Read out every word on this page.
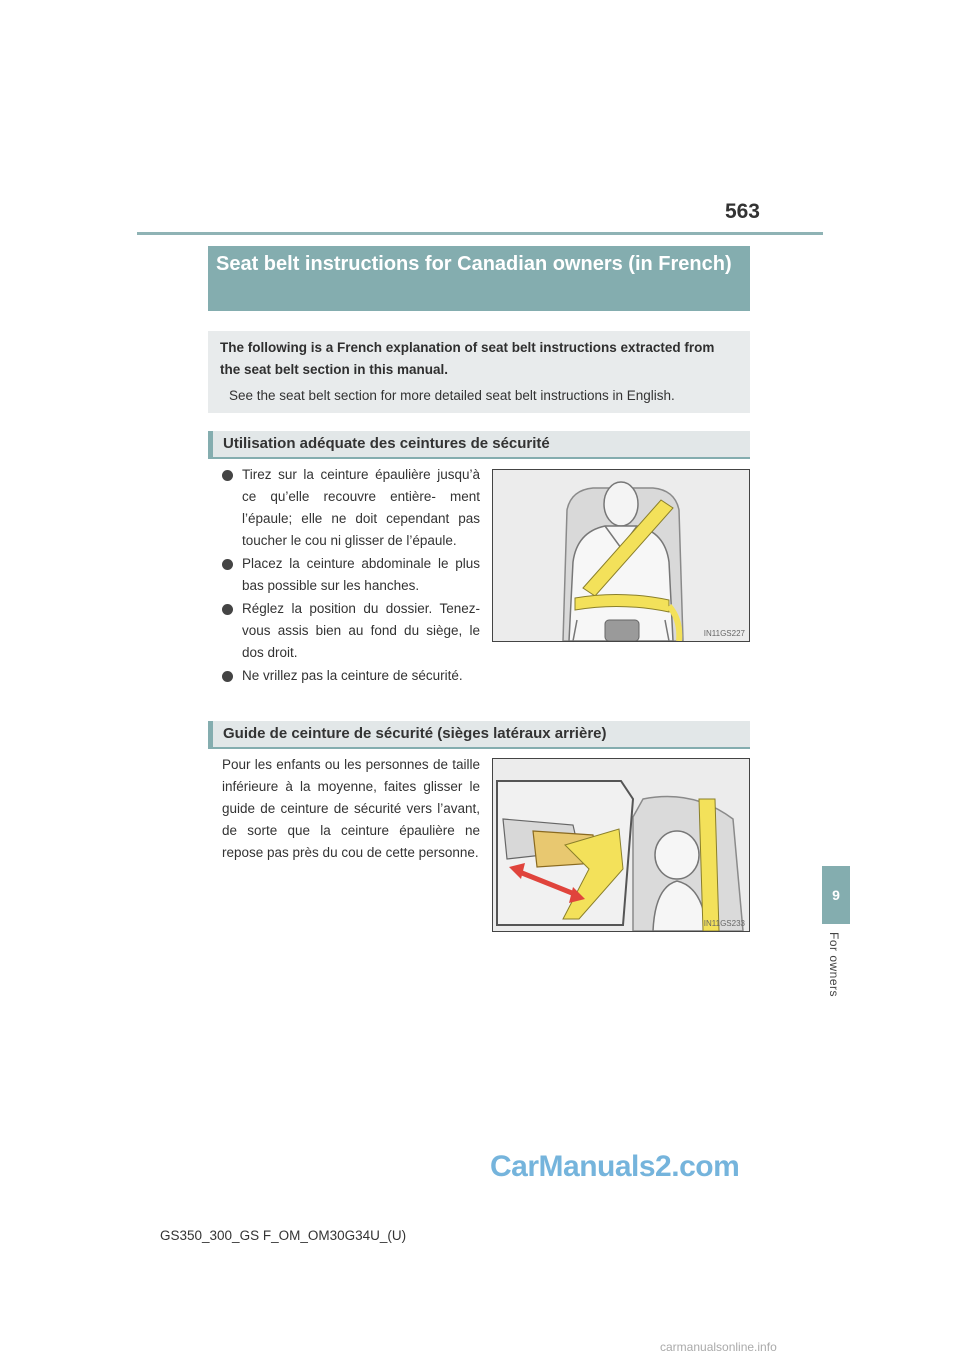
563
Seat belt instructions for Canadian owners (in French)
The following is a French explanation of seat belt instructions extracted from the seat belt section in this manual.
See the seat belt section for more detailed seat belt instructions in English.
Utilisation adéquate des ceintures de sécurité
Tirez sur la ceinture épaulière jusqu’à ce qu’elle recouvre entière- ment l’épaule; elle ne doit cependant pas toucher le cou ni glisser de l’épaule.
Placez la ceinture abdominale le plus bas possible sur les hanches.
Réglez la position du dossier. Tenez- vous assis bien au fond du siège, le dos droit.
Ne vrillez pas la ceinture de sécurité.
IN11GS227
Guide de ceinture de sécurité (sièges latéraux arrière)
Pour les enfants ou les personnes de taille inférieure à la moyenne, faites glisser le guide de ceinture de sécurité vers l’avant, de sorte que la ceinture épaulière ne repose pas près du cou de cette personne.
IN11GS233
9
For owners
GS350_300_GS F_OM_OM30G34U_(U)
CarManuals2.com
carmanualsonline.info
